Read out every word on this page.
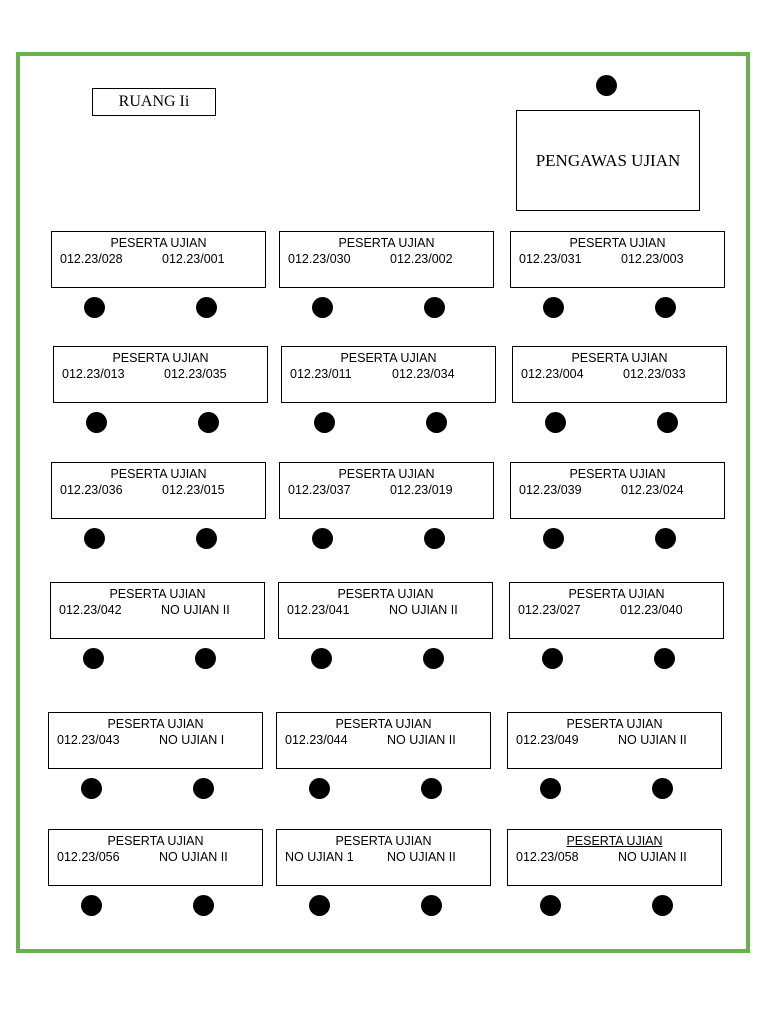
RUANG Ii
PENGAWAS UJIAN
PESERTA UJIAN
012.23/028	012.23/001
PESERTA UJIAN
012.23/030	012.23/002
PESERTA UJIAN
012.23/031	012.23/003
PESERTA UJIAN
012.23/013	012.23/035
PESERTA UJIAN
012.23/011	012.23/034
PESERTA UJIAN
012.23/004	012.23/033
PESERTA UJIAN
012.23/036	012.23/015
PESERTA UJIAN
012.23/037	012.23/019
PESERTA UJIAN
012.23/039	012.23/024
PESERTA UJIAN
012.23/042	NO UJIAN II
PESERTA UJIAN
012.23/041	NO UJIAN II
PESERTA UJIAN
012.23/027	012.23/040
PESERTA UJIAN
012.23/043	NO UJIAN I
PESERTA UJIAN
012.23/044	NO UJIAN II
PESERTA UJIAN
012.23/049	NO UJIAN II
PESERTA UJIAN
012.23/056	NO UJIAN II
PESERTA UJIAN
NO UJIAN 1	NO UJIAN II
PESERTA UJIAN
012.23/058	NO UJIAN II
